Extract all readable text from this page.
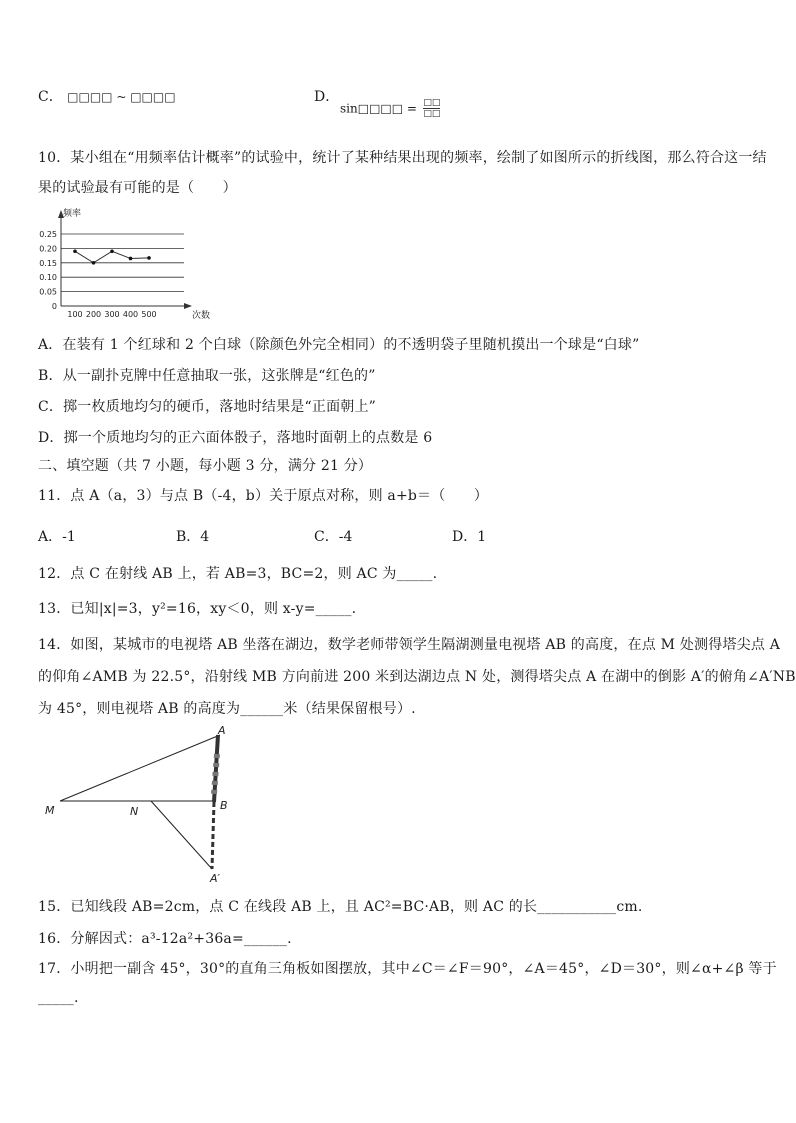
C． □□□□ ~ □□□□	D．
sin□□□□ = $\frac{□□}{□□}$
10．某小组在“用频率估计概率”的试验中，统计了某种结果出现的频率，绘制了如图所示的折线图，那么符合这一结
果的试验最有可能的是（　　）
0.25
0.20
0.15
0.10
0.05
0
100 200 300 400 500
频率
次数
A．在装有 1 个红球和 2 个白球（除颜色外完全相同）的不透明袋子里随机摸出一个球是“白球”
B．从一副扑克牌中任意抽取一张，这张牌是“红色的”
C．掷一枚质地均匀的硬币，落地时结果是“正面朝上”
D．掷一个质地均匀的正六面体骰子，落地时面朝上的点数是 6
二、填空题（共 7 小题，每小题 3 分，满分 21 分）
11．点 A（a，3）与点 B（-4，b）关于原点对称，则 a+b＝（　　）
A．-1	B．4	C．-4	D．1
12．点 C 在射线 AB 上，若 AB=3，BC=2，则 AC 为_____.
13．已知|x|=3，y²=16，xy＜0，则 x-y=_____.
14．如图，某城市的电视塔 AB 坐落在湖边，数学老师带领学生隔湖测量电视塔 AB 的高度，在点 M 处测得塔尖点 A
的仰角∠AMB 为 22.5°，沿射线 MB 方向前进 200 米到达湖边点 N 处，测得塔尖点 A 在湖中的倒影 A′的俯角∠A′NB
为 45°，则电视塔 AB 的高度为______米（结果保留根号）.
A
M	N	B
A′
15．已知线段 AB=2cm，点 C 在线段 AB 上，且 AC²=BC·AB，则 AC 的长___________cm.
16．分解因式：a³-12a²+36a=______.
17．小明把一副含 45°，30°的直角三角板如图摆放，其中∠C＝∠F＝90°，∠A＝45°，∠D＝30°，则∠α+∠β 等于
_____.
